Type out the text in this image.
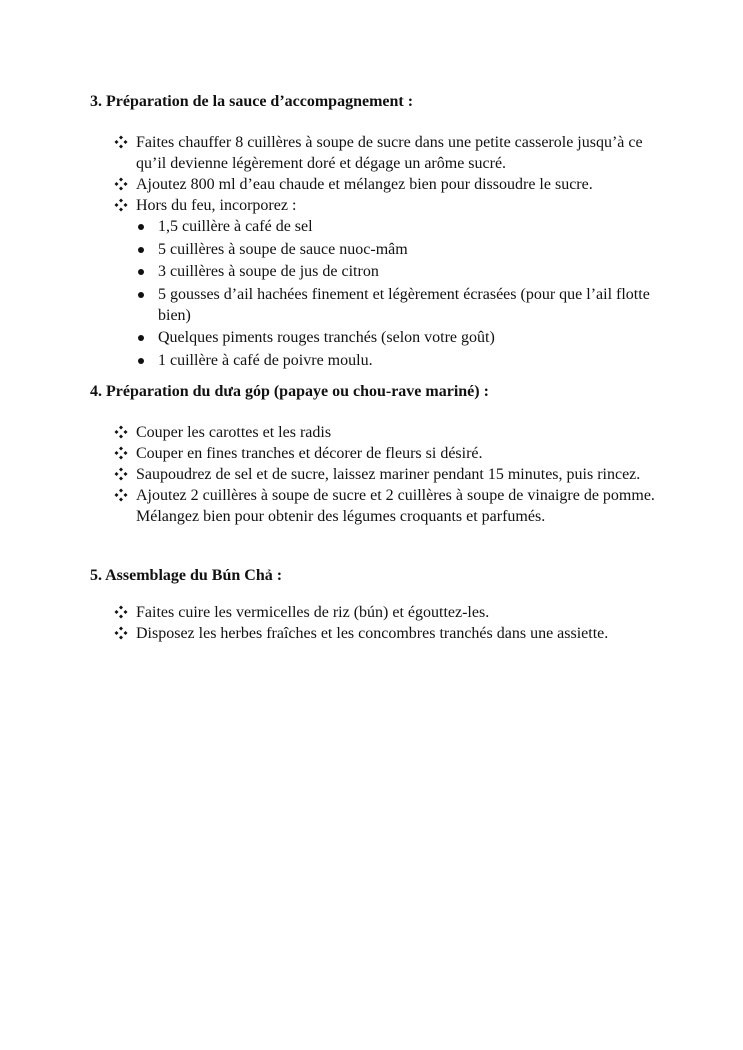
3. Préparation de la sauce d’accompagnement :
Faites chauffer 8 cuillères à soupe de sucre dans une petite casserole jusqu’à ce qu’il devienne légèrement doré et dégage un arôme sucré.
Ajoutez 800 ml d’eau chaude et mélangez bien pour dissoudre le sucre.
Hors du feu, incorporez :
1,5 cuillère à café de sel
5 cuillères à soupe de sauce nuoc-mâm
3 cuillères à soupe de jus de citron
5 gousses d’ail hachées finement et légèrement écrasées (pour que l’ail flotte bien)
Quelques piments rouges tranchés (selon votre goût)
1 cuillère à café de poivre moulu.
4. Préparation du dưa góp (papaye ou chou-rave mariné) :
Couper les carottes et les radis
Couper en fines tranches et décorer de fleurs si désiré.
Saupoudrez de sel et de sucre, laissez mariner pendant 15 minutes, puis rincez.
Ajoutez 2 cuillères à soupe de sucre et 2 cuillères à soupe de vinaigre de pomme. Mélangez bien pour obtenir des légumes croquants et parfumés.
5. Assemblage du Bún Chả :
Faites cuire les vermicelles de riz (bún) et égouttez-les.
Disposez les herbes fraîches et les concombres tranchés dans une assiette.
